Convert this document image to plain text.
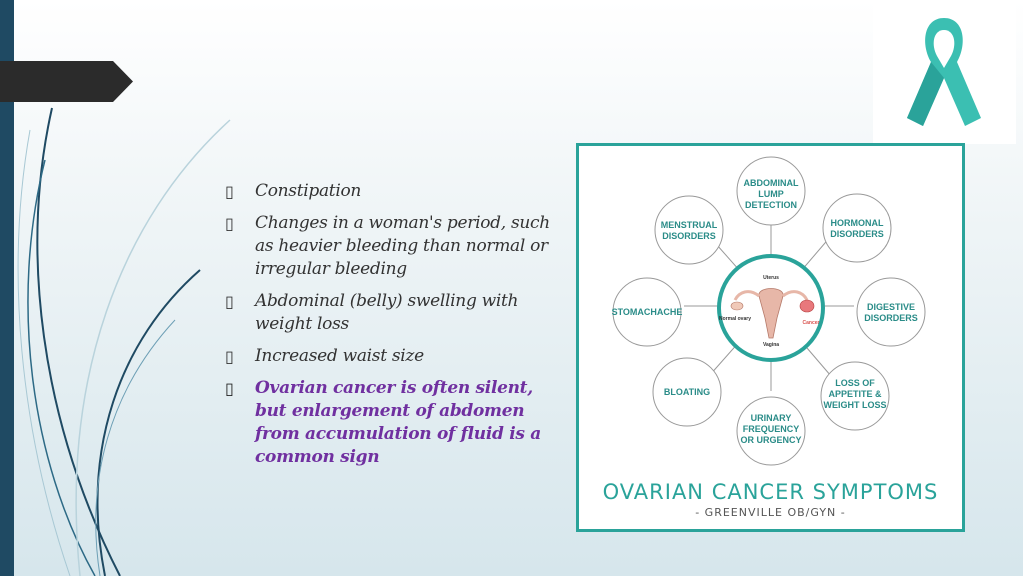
▯	Constipation
▯	Changes in a woman's period, such as heavier bleeding than normal or irregular bleeding
▯	Abdominal (belly) swelling with weight loss
▯	Increased waist size
▯	Ovarian cancer is often silent, but enlargement of abdomen from accumulation of fluid is a common sign
Uterus
Normal ovary
Cancer
Vagina
ABDOMINAL LUMP DETECTION
HORMONAL DISORDERS
DIGESTIVE DISORDERS
LOSS OF APPETITE & WEIGHT LOSS
URINARY FREQUENCY OR URGENCY
BLOATING
STOMACHACHE
MENSTRUAL DISORDERS
OVARIAN CANCER SYMPTOMS
- GREENVILLE OB/GYN -
